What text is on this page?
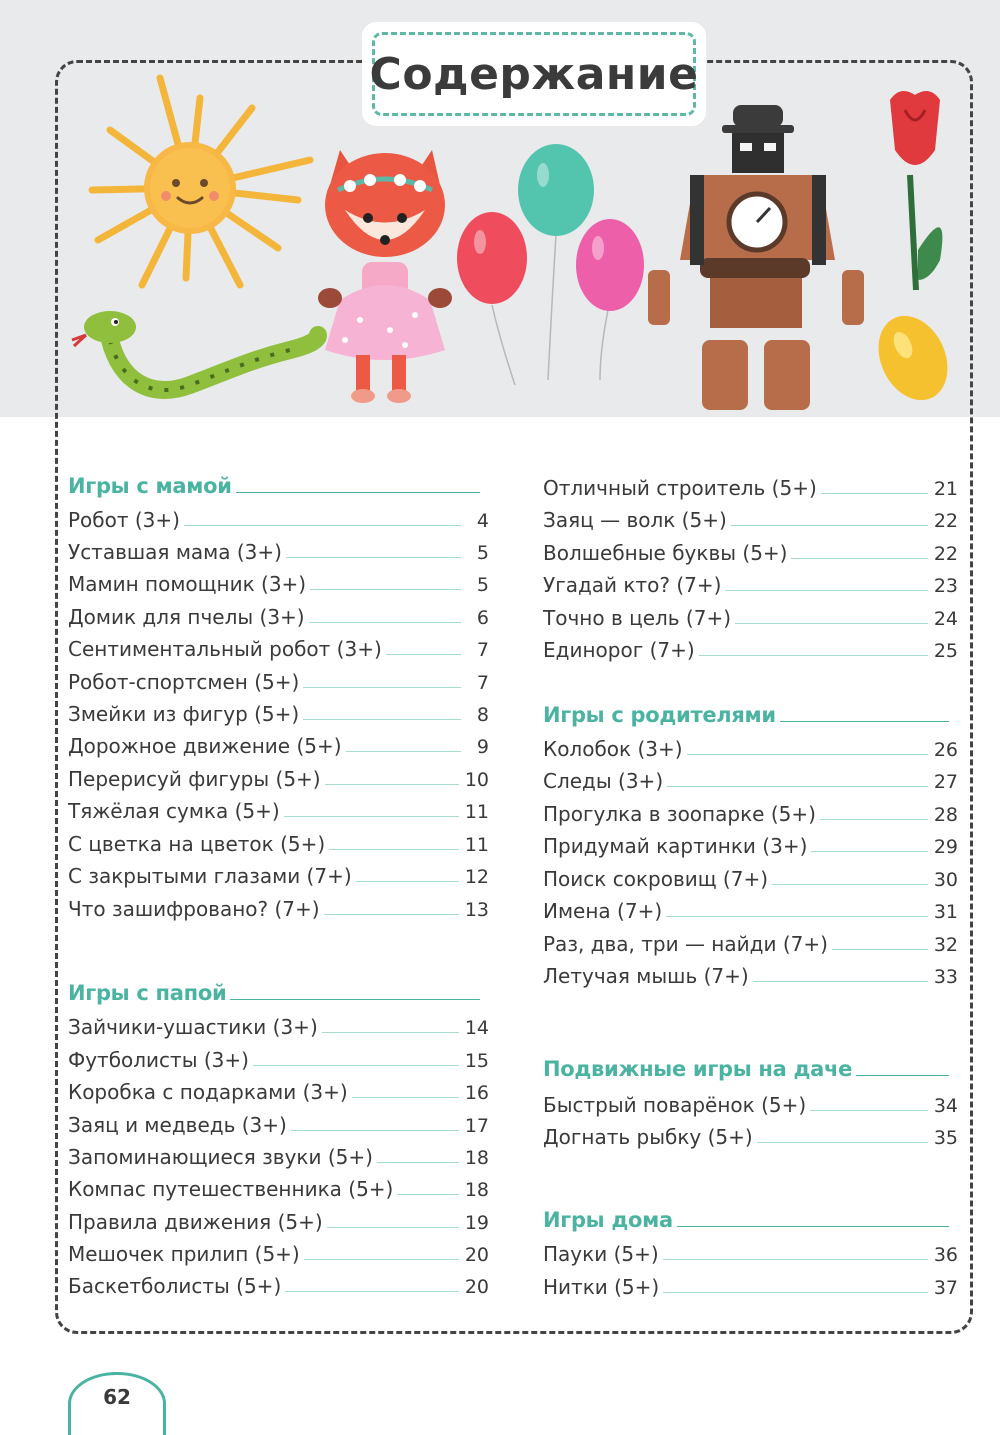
Содержание
Игры с мамой
Робот (3+)	4
Уставшая мама (3+)	5
Мамин помощник (3+)	5
Домик для пчелы (3+)	6
Сентиментальный робот (3+)	7
Робот-спортсмен (5+)	7
Змейки из фигур (5+)	8
Дорожное движение (5+)	9
Перерисуй фигуры (5+)	10
Тяжёлая сумка (5+)	11
С цветка на цветок (5+)	11
С закрытыми глазами (7+)	12
Что зашифровано? (7+)	13
Игры с папой
Зайчики-ушастики (3+)	14
Футболисты (3+)	15
Коробка с подарками (3+)	16
Заяц и медведь (3+)	17
Запоминающиеся звуки (5+)	18
Компас путешественника (5+)	18
Правила движения (5+)	19
Мешочек прилип (5+)	20
Баскетболисты (5+)	20
Отличный строитель (5+)	21
Заяц — волк (5+)	22
Волшебные буквы (5+)	22
Угадай кто? (7+)	23
Точно в цель (7+)	24
Единорог (7+)	25
Игры с родителями
Колобок (3+)	26
Следы (3+)	27
Прогулка в зоопарке (5+)	28
Придумай картинки (3+)	29
Поиск сокровищ (7+)	30
Имена (7+)	31
Раз, два, три — найди (7+)	32
Летучая мышь (7+)	33
Подвижные игры на даче
Быстрый поварёнок (5+)	34
Догнать рыбку (5+)	35
Игры дома
Пауки (5+)	36
Нитки (5+)	37
62
